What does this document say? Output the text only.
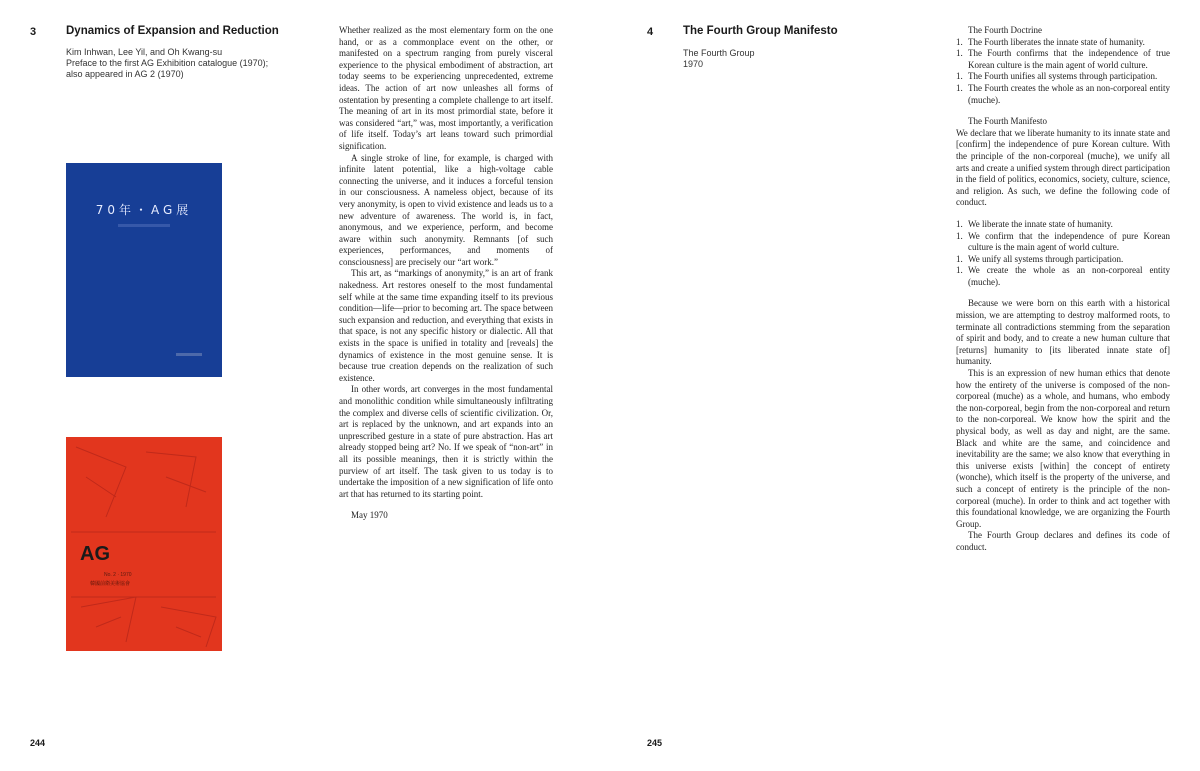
3	Dynamics of Expansion and Reduction
Kim Inhwan, Lee Yil, and Oh Kwang-su
Preface to the first AG Exhibition catalogue (1970);
also appeared in AG 2 (1970)
70年・AG展
AG
No. 2 · 1970
韓國前衛美術協會

Whether realized as the most elementary form on the one hand, or as a commonplace event on the other, or manifested on a spectrum ranging from purely visceral experience to the physical embodiment of abstraction, art today seems to be experiencing unprecedented, extreme ideas. The action of art now unleashes all forms of ostentation by presenting a complete challenge to art itself. The meaning of art in its most primordial state, before it was considered “art,” was, most importantly, a verification of life itself. Today’s art leans toward such primordial signification.

A single stroke of line, for example, is charged with infinite latent potential, like a high-voltage cable connecting the universe, and it induces a forceful tension in our consciousness. A nameless object, because of its very anonymity, is open to vivid existence and leads us to a new adventure of awareness. The world is, in fact, anonymous, and we experience, perform, and become aware within such anonymity. Remnants [of such experiences, performances, and moments of consciousness] are precisely our “art work.”

This art, as “markings of anonymity,” is an art of frank nakedness. Art restores oneself to the most fundamental self while at the same time expanding itself to its previous condition—life—prior to becoming art. The space between such expansion and reduction, and everything that exists in that space, is not any specific history or dialectic. All that exists in the space is unified in totality and [reveals] the dynamics of existence in the most genuine sense. It is because true creation depends on the realization of such existence.

In other words, art converges in the most fundamental and monolithic condition while simultaneously infiltrating the complex and diverse cells of scientific civilization. Or, art is replaced by the unknown, and art expands into an unprescribed gesture in a state of pure abstraction. Has art already stopped being art? No. If we speak of “non-art” in all its possible meanings, then it is strictly within the purview of art itself. The task given to us today is to undertake the imposition of a new signification of life onto art that has returned to its starting point.

May 1970

244
4	The Fourth Group Manifesto
The Fourth Group
1970
The Fourth Doctrine
1. The Fourth liberates the innate state of humanity.
1. The Fourth confirms that the independence of true Korean culture is the main agent of world culture.
1. The Fourth unifies all systems through participation.
1. The Fourth creates the whole as an non-corporeal entity (muche).
The Fourth Manifesto

We declare that we liberate humanity to its innate state and [confirm] the independence of pure Korean culture. With the principle of the non-corporeal (muche), we unify all arts and create a unified system through direct participation in the field of politics, economics, society, culture, science, and religion. As such, we define the following code of conduct.

1. We liberate the innate state of humanity.
1. We confirm that the independence of pure Korean culture is the main agent of world culture.
1. We unify all systems through participation.
1. We create the whole as an non-corporeal entity (muche).

Because we were born on this earth with a historical mission, we are attempting to destroy malformed roots, to terminate all contradictions stemming from the separation of spirit and body, and to create a new human culture that [returns] humanity to [its liberated innate state of] humanity.

This is an expression of new human ethics that denote how the entirety of the universe is composed of the non-corporeal (muche) as a whole, and humans, who embody the non-corporeal, begin from the non-corporeal and return to the non-corporeal. We know how the spirit and the physical body, as well as day and night, are the same. Black and white are the same, and coincidence and inevitability are the same; we also know that everything in this universe exists [within] the concept of entirety (wonche), which itself is the property of the universe, and such a concept of entirety is the principle of the non-corporeal (muche). In order to think and act together with this foundational knowledge, we are organizing the Fourth Group.

The Fourth Group declares and defines its code of conduct.

245
